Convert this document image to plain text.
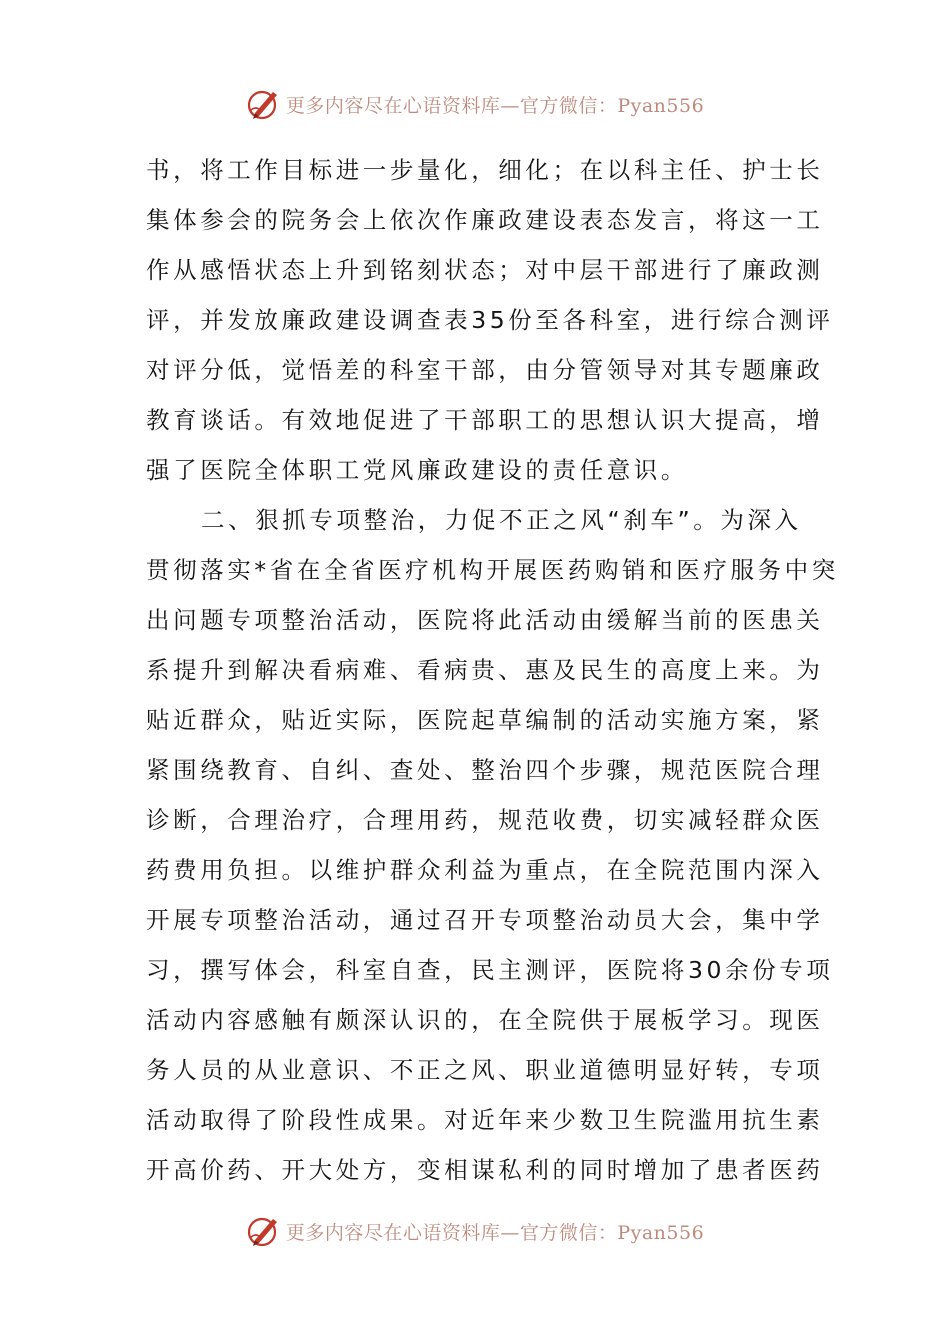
更多内容尽在心语资料库—官方微信：Pyan556
书，将工作目标进一步量化，细化；在以科主任、护士长
集体参会的院务会上依次作廉政建设表态发言，将这一工
作从感悟状态上升到铭刻状态；对中层干部进行了廉政测
评，并发放廉政建设调查表35份至各科室，进行综合测评
对评分低，觉悟差的科室干部，由分管领导对其专题廉政
教育谈话。有效地促进了干部职工的思想认识大提高，增
强了医院全体职工党风廉政建设的责任意识。
二、狠抓专项整治，力促不正之风“刹车”。为深入
贯彻落实*省在全省医疗机构开展医药购销和医疗服务中突
出问题专项整治活动，医院将此活动由缓解当前的医患关
系提升到解决看病难、看病贵、惠及民生的高度上来。为
贴近群众，贴近实际，医院起草编制的活动实施方案，紧
紧围绕教育、自纠、查处、整治四个步骤，规范医院合理
诊断，合理治疗，合理用药，规范收费，切实减轻群众医
药费用负担。以维护群众利益为重点，在全院范围内深入
开展专项整治活动，通过召开专项整治动员大会，集中学
习，撰写体会，科室自查，民主测评，医院将30余份专项
活动内容感触有颇深认识的，在全院供于展板学习。现医
务人员的从业意识、不正之风、职业道德明显好转，专项
活动取得了阶段性成果。对近年来少数卫生院滥用抗生素
开高价药、开大处方，变相谋私利的同时增加了患者医药
更多内容尽在心语资料库—官方微信：Pyan556
